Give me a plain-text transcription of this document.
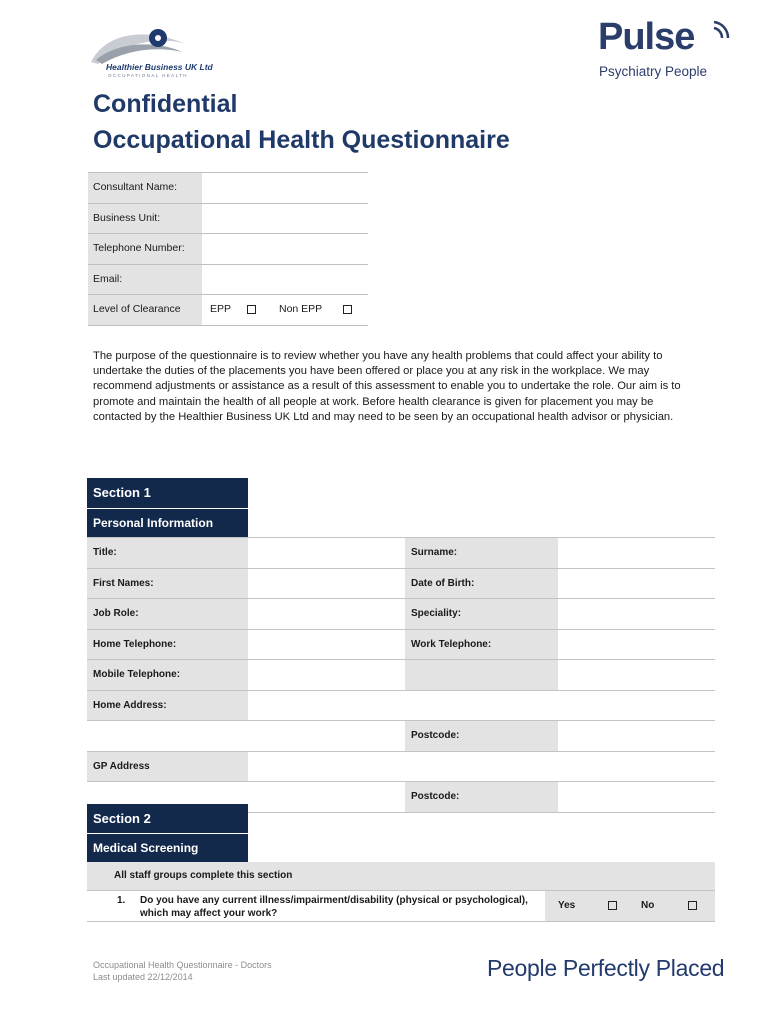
Healthier Business UK Ltd
OCCUPATIONAL HEALTH
Pulse
Psychiatry People
Confidential
Occupational Health Questionnaire
Consultant Name:
Business Unit:
Telephone Number:
Email:
Level of Clearance	EPP	Non EPP
The purpose of the questionnaire is to review whether you have any health problems that could affect your ability to undertake the duties of the placements you have been offered or place you at any risk in the workplace. We may recommend adjustments or assistance as a result of this assessment to enable you to undertake the role. Our aim is to promote and maintain the health of all people at work. Before health clearance is given for placement you may be contacted by the Healthier Business UK Ltd and may need to be seen by an occupational health advisor or physician.
Section 1
Personal Information
Title:	Surname:
First Names:	Date of Birth:
Job Role:	Speciality:
Home Telephone:	Work Telephone:
Mobile Telephone:
Home Address:
Postcode:
GP Address
Postcode:
Section 2
Medical Screening
All staff groups complete this section
1. Do you have any current illness/impairment/disability (physical or psychological),
which may affect your work?
Yes	No
Occupational Health Questionnaire - Doctors
Last updated 22/12/2014	People Perfectly Placed
